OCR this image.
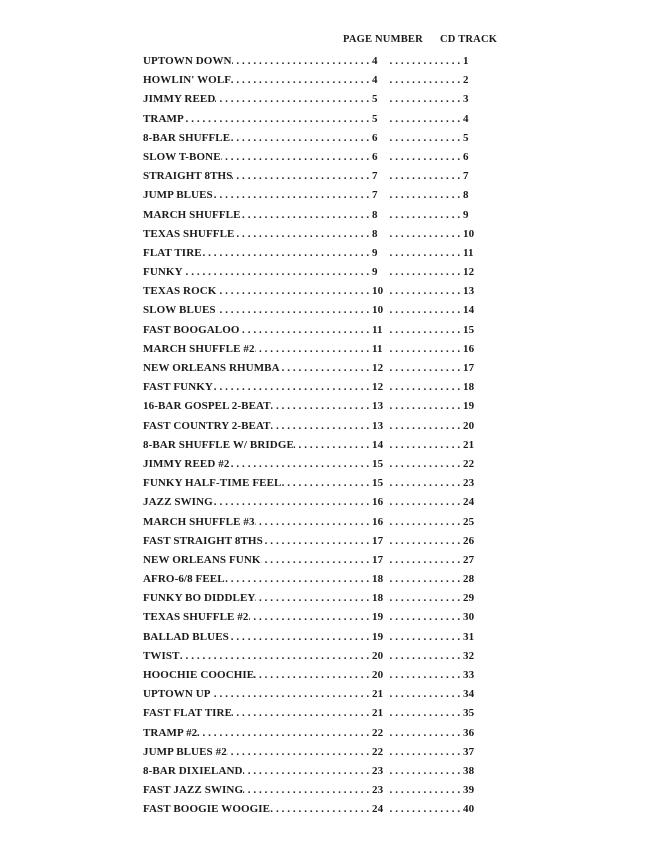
PAGE NUMBER CD TRACK
UPTOWN DOWN .....	4 .....	1
HOWLIN' WOLF .....	4 .....	2
JIMMY REED .....	5 .....	3
TRAMP .....	5 .....	4
8-BAR SHUFFLE .....	6 .....	5
SLOW T-BONE .....	6 .....	6
STRAIGHT 8THS .....	7 .....	7
JUMP BLUES .....	7 .....	8
MARCH SHUFFLE .....	8 .....	9
TEXAS SHUFFLE .....	8 .....	10
FLAT TIRE .....	9 .....	11
FUNKY .....	9 .....	12
TEXAS ROCK .....	10 .....	13
SLOW BLUES .....	10 .....	14
FAST BOOGALOO .....	11 .....	15
MARCH SHUFFLE #2 .....	11 .....	16
NEW ORLEANS RHUMBA .....	12 .....	17
FAST FUNKY .....	12 .....	18
16-BAR GOSPEL 2-BEAT .....	13 .....	19
FAST COUNTRY 2-BEAT .....	13 .....	20
8-BAR SHUFFLE W/ BRIDGE .....	14 .....	21
JIMMY REED #2 .....	15 .....	22
FUNKY HALF-TIME FEEL .....	15 .....	23
JAZZ SWING .....	16 .....	24
MARCH SHUFFLE #3 .....	16 .....	25
FAST STRAIGHT 8THS .....	17 .....	26
NEW ORLEANS FUNK .....	17 .....	27
AFRO-6/8 FEEL .....	18 .....	28
FUNKY BO DIDDLEY .....	18 .....	29
TEXAS SHUFFLE #2 .....	19 .....	30
BALLAD BLUES .....	19 .....	31
TWIST .....	20 .....	32
HOOCHIE COOCHIE .....	20 .....	33
UPTOWN UP .....	21 .....	34
FAST FLAT TIRE .....	21 .....	35
TRAMP #2 .....	22 .....	36
JUMP BLUES #2 .....	22 .....	37
8-BAR DIXIELAND .....	23 .....	38
FAST JAZZ SWING .....	23 .....	39
FAST BOOGIE WOOGIE .....	24 .....	40
